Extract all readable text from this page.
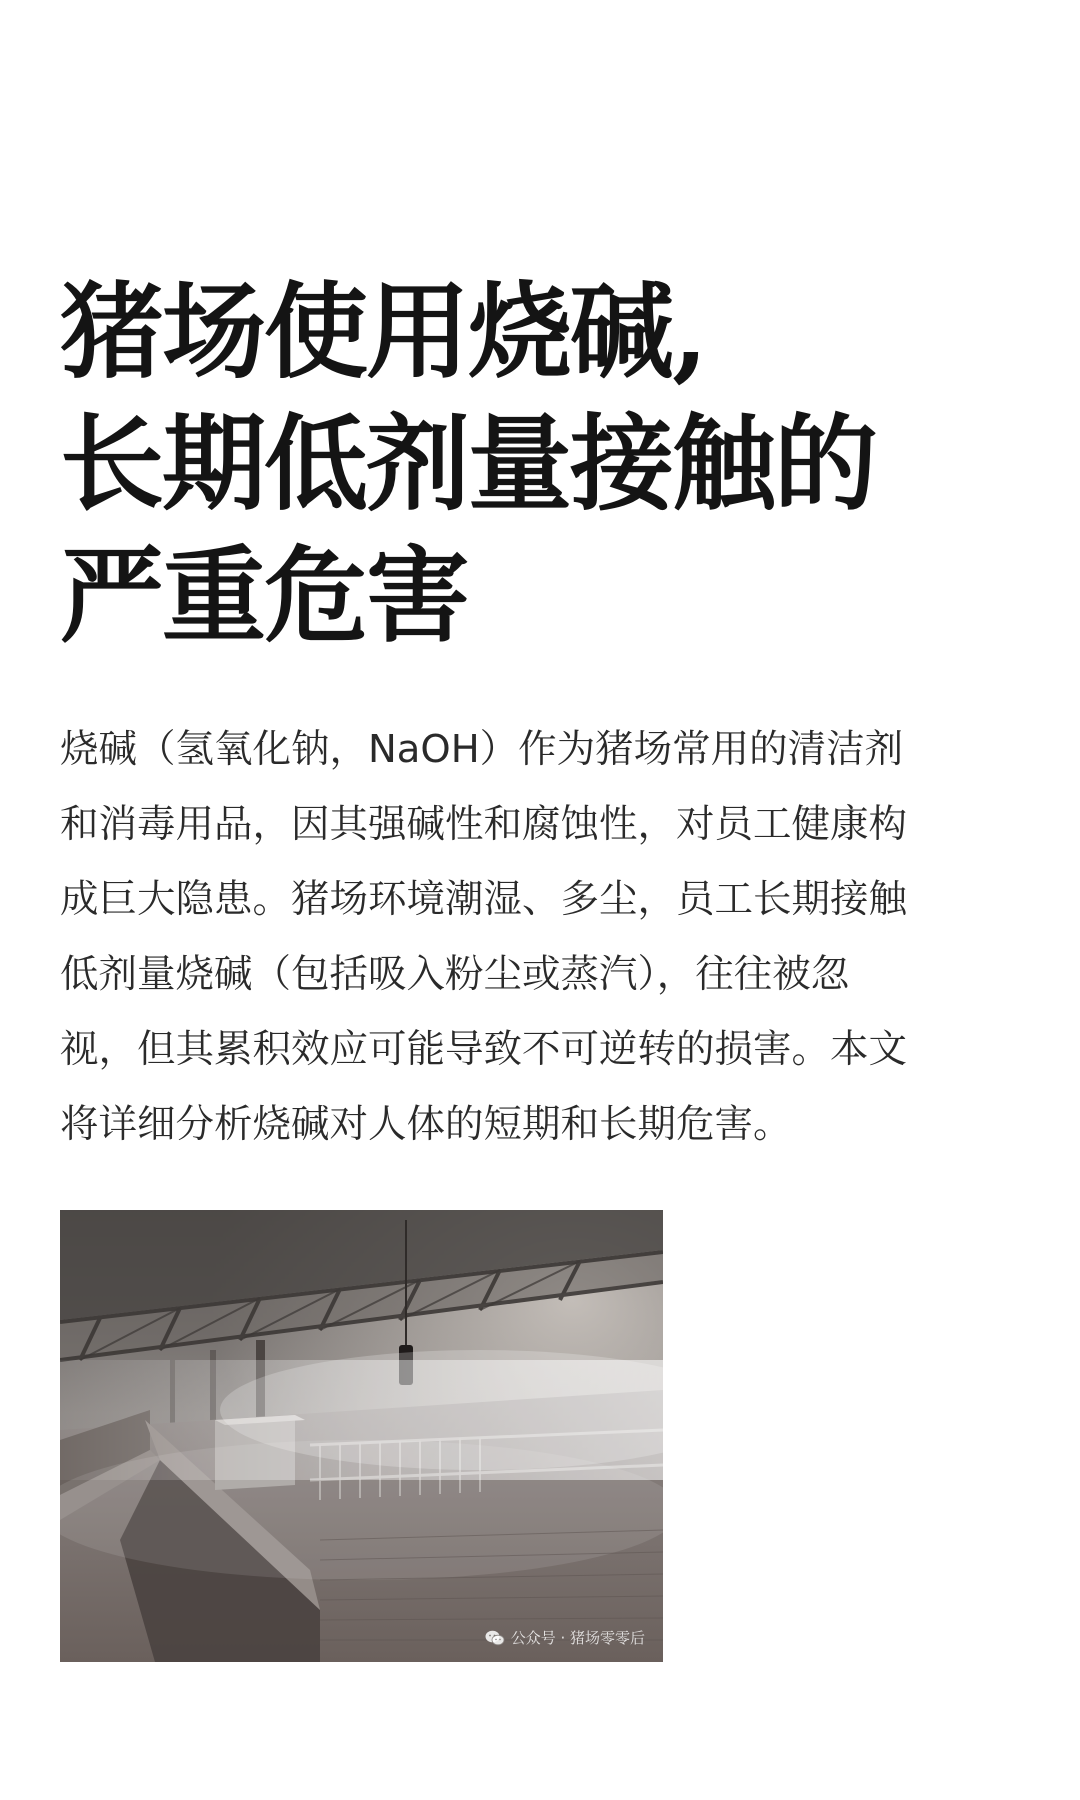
猪场使用烧碱,
长期低剂量接触的
严重危害

烧碱（氢氧化钠，NaOH）作为猪场常用的清洁剂
和消毒用品，因其强碱性和腐蚀性，对员工健康构
成巨大隐患。猪场环境潮湿、多尘，员工长期接触
低剂量烧碱（包括吸入粉尘或蒸汽），往往被忽
视，但其累积效应可能导致不可逆转的损害。本文
将详细分析烧碱对人体的短期和长期危害。

公众号 · 猪场零零后
